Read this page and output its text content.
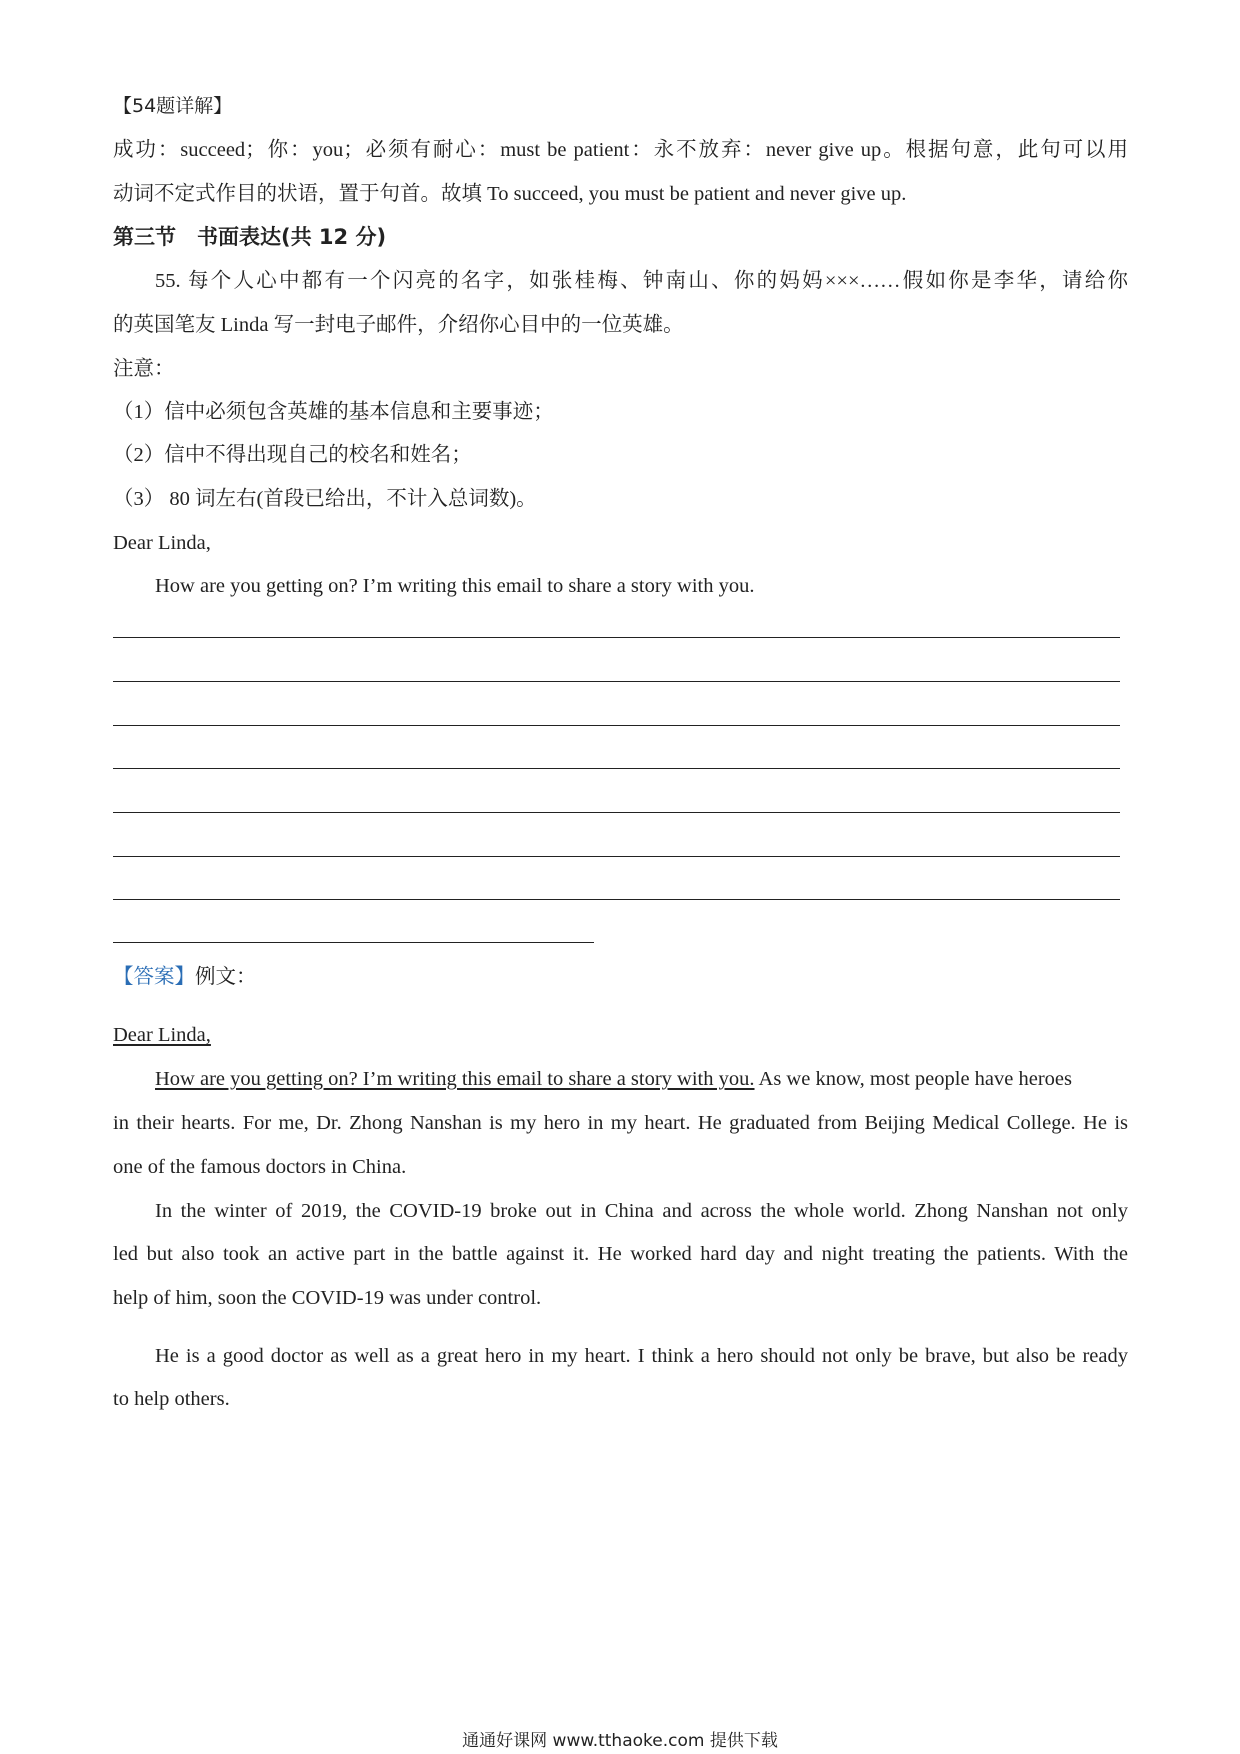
【54题详解】
成功：succeed；你：you；必须有耐心：must be patient：永不放弃：never give up。根据句意，此句可以用
动词不定式作目的状语，置于句首。故填 To succeed, you must be patient and never give up.
第三节　书面表达(共 12 分)
55. 每个人心中都有一个闪亮的名字，如张桂梅、钟南山、你的妈妈×××……假如你是李华，请给你
的英国笔友 Linda 写一封电子邮件，介绍你心目中的一位英雄。
注意：
（1）信中必须包含英雄的基本信息和主要事迹；
（2）信中不得出现自己的校名和姓名；
（3） 80 词左右(首段已给出，不计入总词数)。
Dear Linda,
How are you getting on? I’m writing this email to share a story with you.
【答案】例文：
Dear Linda,
How are you getting on? I’m writing this email to share a story with you. As we know, most people have heroes
in their hearts. For me, Dr. Zhong Nanshan is my hero in my heart. He graduated from Beijing Medical College. He is
one of the famous doctors in China.
In the winter of 2019, the COVID-19 broke out in China and across the whole world. Zhong Nanshan not only
led but also took an active part in the battle against it. He worked hard day and night treating the patients. With the
help of him, soon the COVID-19 was under control.
He is a good doctor as well as a great hero in my heart. I think a hero should not only be brave, but also be ready
to help others.
通通好课网 www.tthaoke.com 提供下载
